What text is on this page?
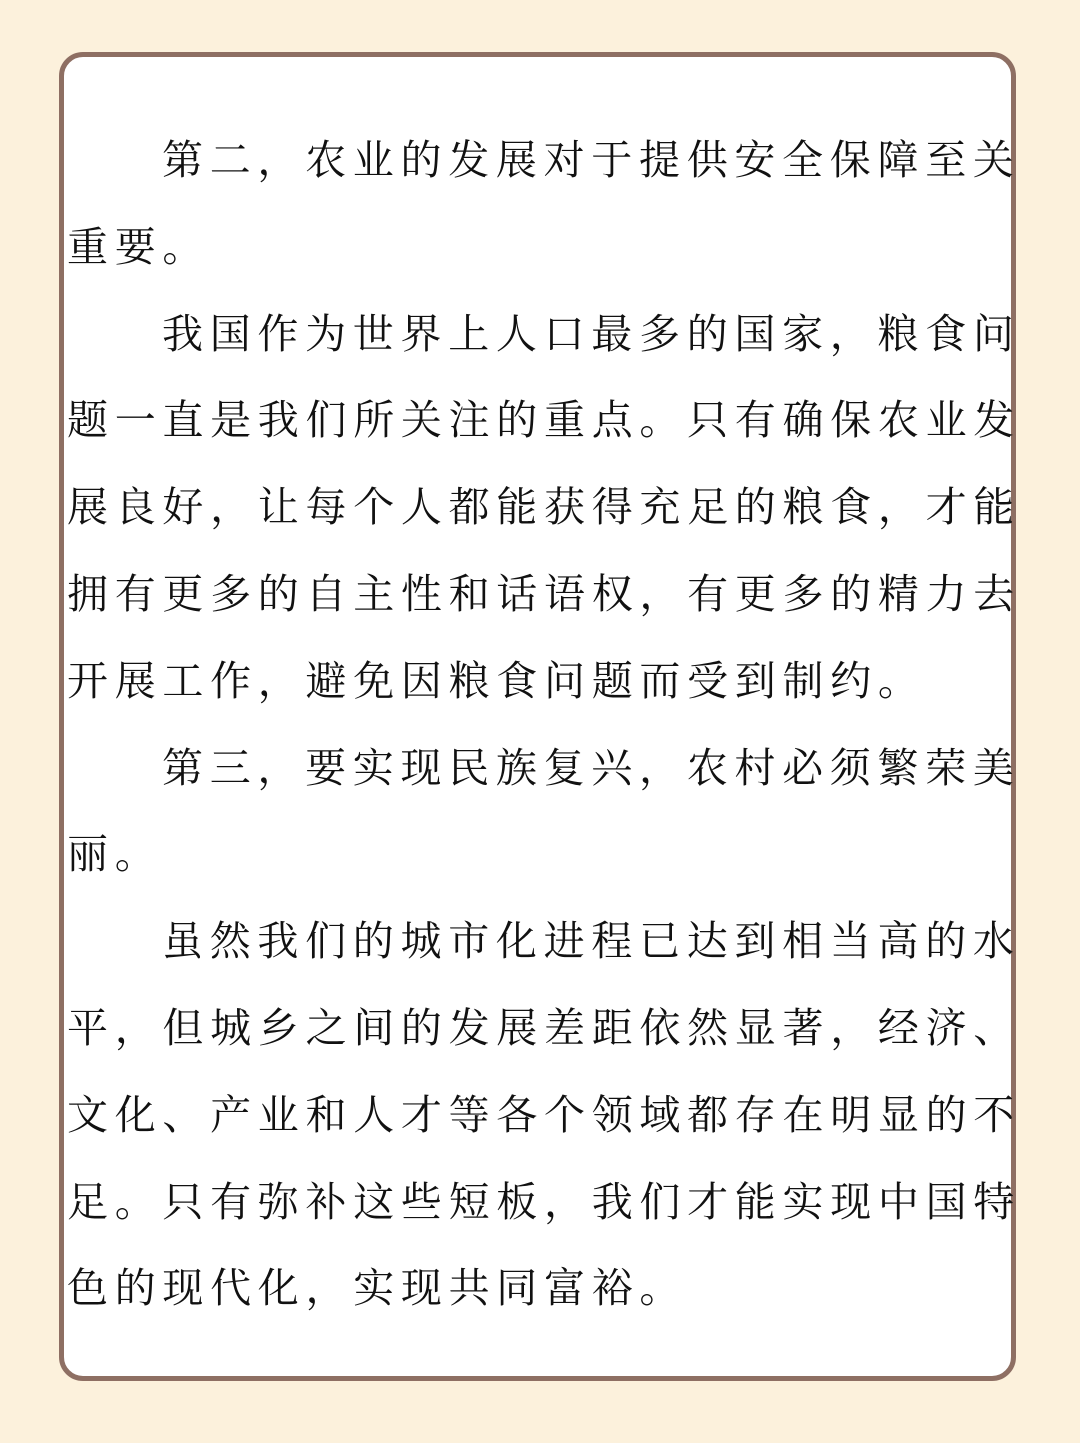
第二，农业的发展对于提供安全保障至关重要。

我国作为世界上人口最多的国家，粮食问题一直是我们所关注的重点。只有确保农业发展良好，让每个人都能获得充足的粮食，才能拥有更多的自主性和话语权，有更多的精力去开展工作，避免因粮食问题而受到制约。

第三，要实现民族复兴，农村必须繁荣美丽。

虽然我们的城市化进程已达到相当高的水平，但城乡之间的发展差距依然显著，经济、文化、产业和人才等各个领域都存在明显的不足。只有弥补这些短板，我们才能实现中国特色的现代化，实现共同富裕。
